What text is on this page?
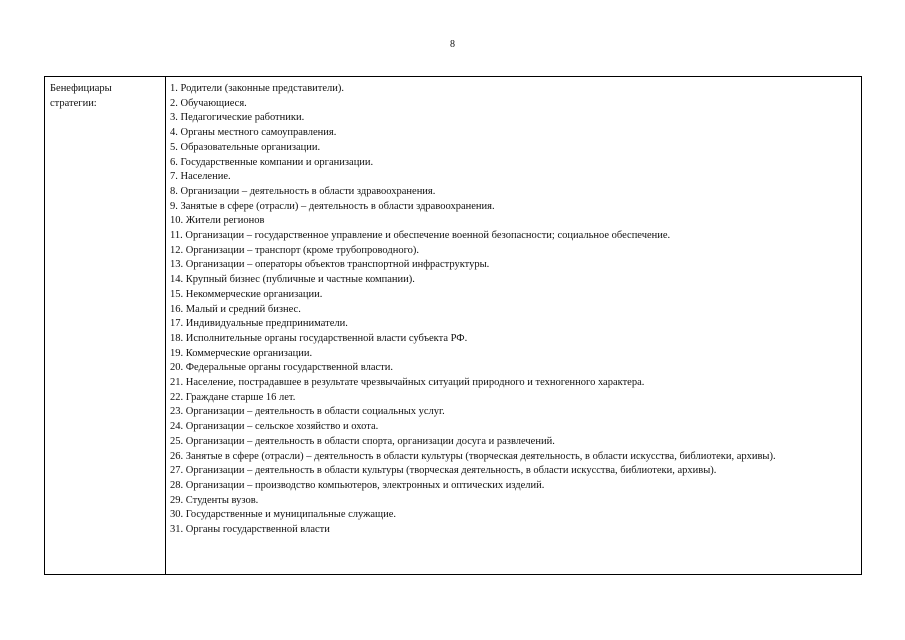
8
Бенефициары стратегии:

1. Родители (законные представители).

2. Обучающиеся.

3. Педагогические работники.

4. Органы местного самоуправления.

5. Образовательные организации.

6. Государственные компании и организации.

7. Население.

8. Организации – деятельность в области здравоохранения.

9. Занятые в сфере (отрасли) – деятельность в области здравоохранения.

10. Жители регионов

11. Организации – государственное управление и обеспечение военной безопасности; социальное обеспечение.

12. Организации – транспорт (кроме трубопроводного).

13. Организации – операторы объектов транспортной инфраструктуры.

14. Крупный бизнес (публичные и частные компании).

15. Некоммерческие организации.

16. Малый и средний бизнес.

17. Индивидуальные предприниматели.

18. Исполнительные органы государственной власти субъекта РФ.

19. Коммерческие организации.

20. Федеральные органы государственной власти.

21. Население, пострадавшее в результате чрезвычайных ситуаций природного и техногенного характера.

22. Граждане старше 16 лет.

23. Организации – деятельность в области социальных услуг.

24. Организации – сельское хозяйство и охота.

25. Организации – деятельность в области спорта, организации досуга и развлечений.

26. Занятые в сфере (отрасли) – деятельность в области культуры (творческая деятельность, в области искусства, библиотеки, архивы).

27. Организации – деятельность в области культуры (творческая деятельность, в области искусства, библиотеки, архивы).

28. Организации – производство компьютеров, электронных и оптических изделий.

29. Студенты вузов.

30. Государственные и муниципальные служащие.

31. Органы государственной власти
